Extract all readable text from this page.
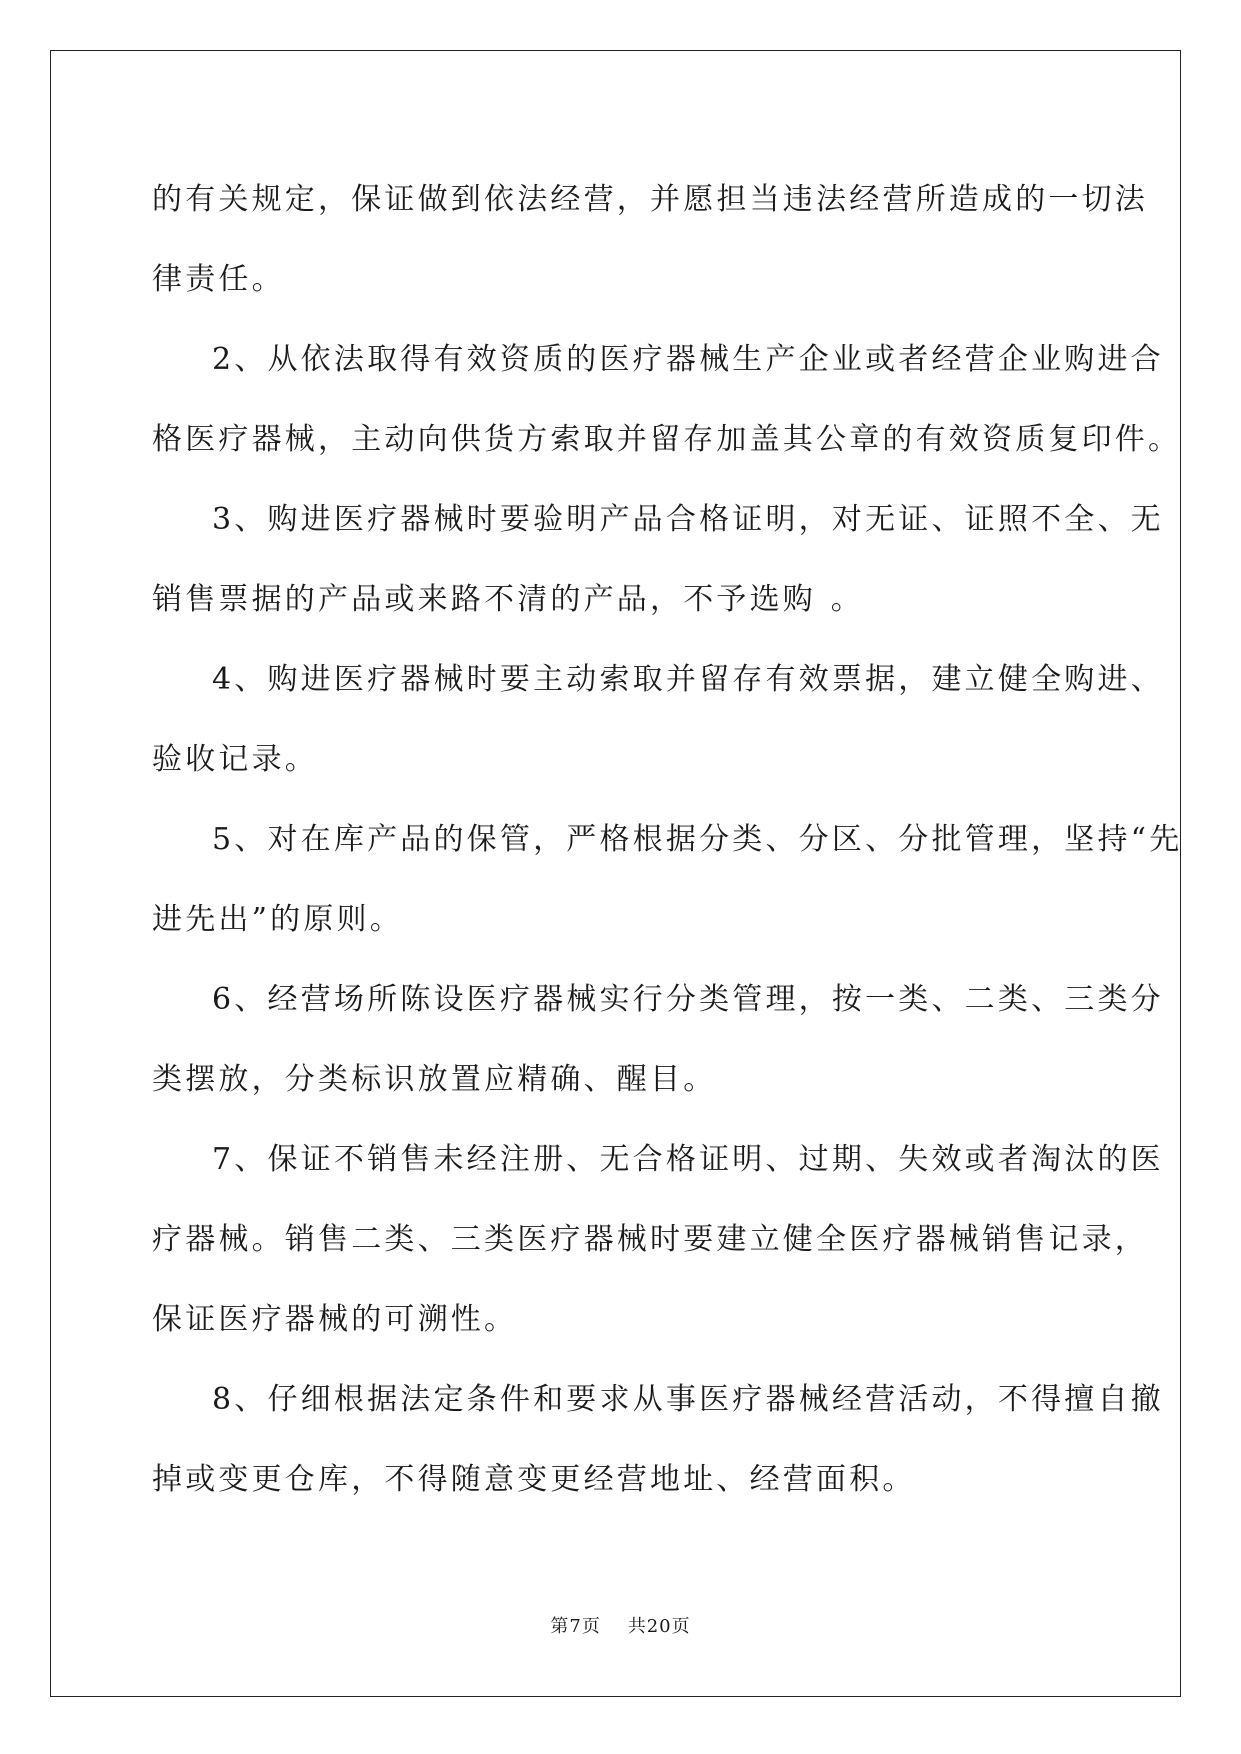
的有关规定，保证做到依法经营，并愿担当违法经营所造成的一切法
律责任。
2、从依法取得有效资质的医疗器械生产企业或者经营企业购进合
格医疗器械，主动向供货方索取并留存加盖其公章的有效资质复印件。
3、购进医疗器械时要验明产品合格证明，对无证、证照不全、无
销售票据的产品或来路不清的产品，不予选购 。
4、购进医疗器械时要主动索取并留存有效票据，建立健全购进、
验收记录。
5、对在库产品的保管，严格根据分类、分区、分批管理，坚持“先
进先出”的原则。
6、经营场所陈设医疗器械实行分类管理，按一类、二类、三类分
类摆放，分类标识放置应精确、醒目。
7、保证不销售未经注册、无合格证明、过期、失效或者淘汰的医
疗器械。销售二类、三类医疗器械时要建立健全医疗器械销售记录，
保证医疗器械的可溯性。
8、仔细根据法定条件和要求从事医疗器械经营活动，不得擅自撤
掉或变更仓库，不得随意变更经营地址、经营面积。
第7页 共20页
